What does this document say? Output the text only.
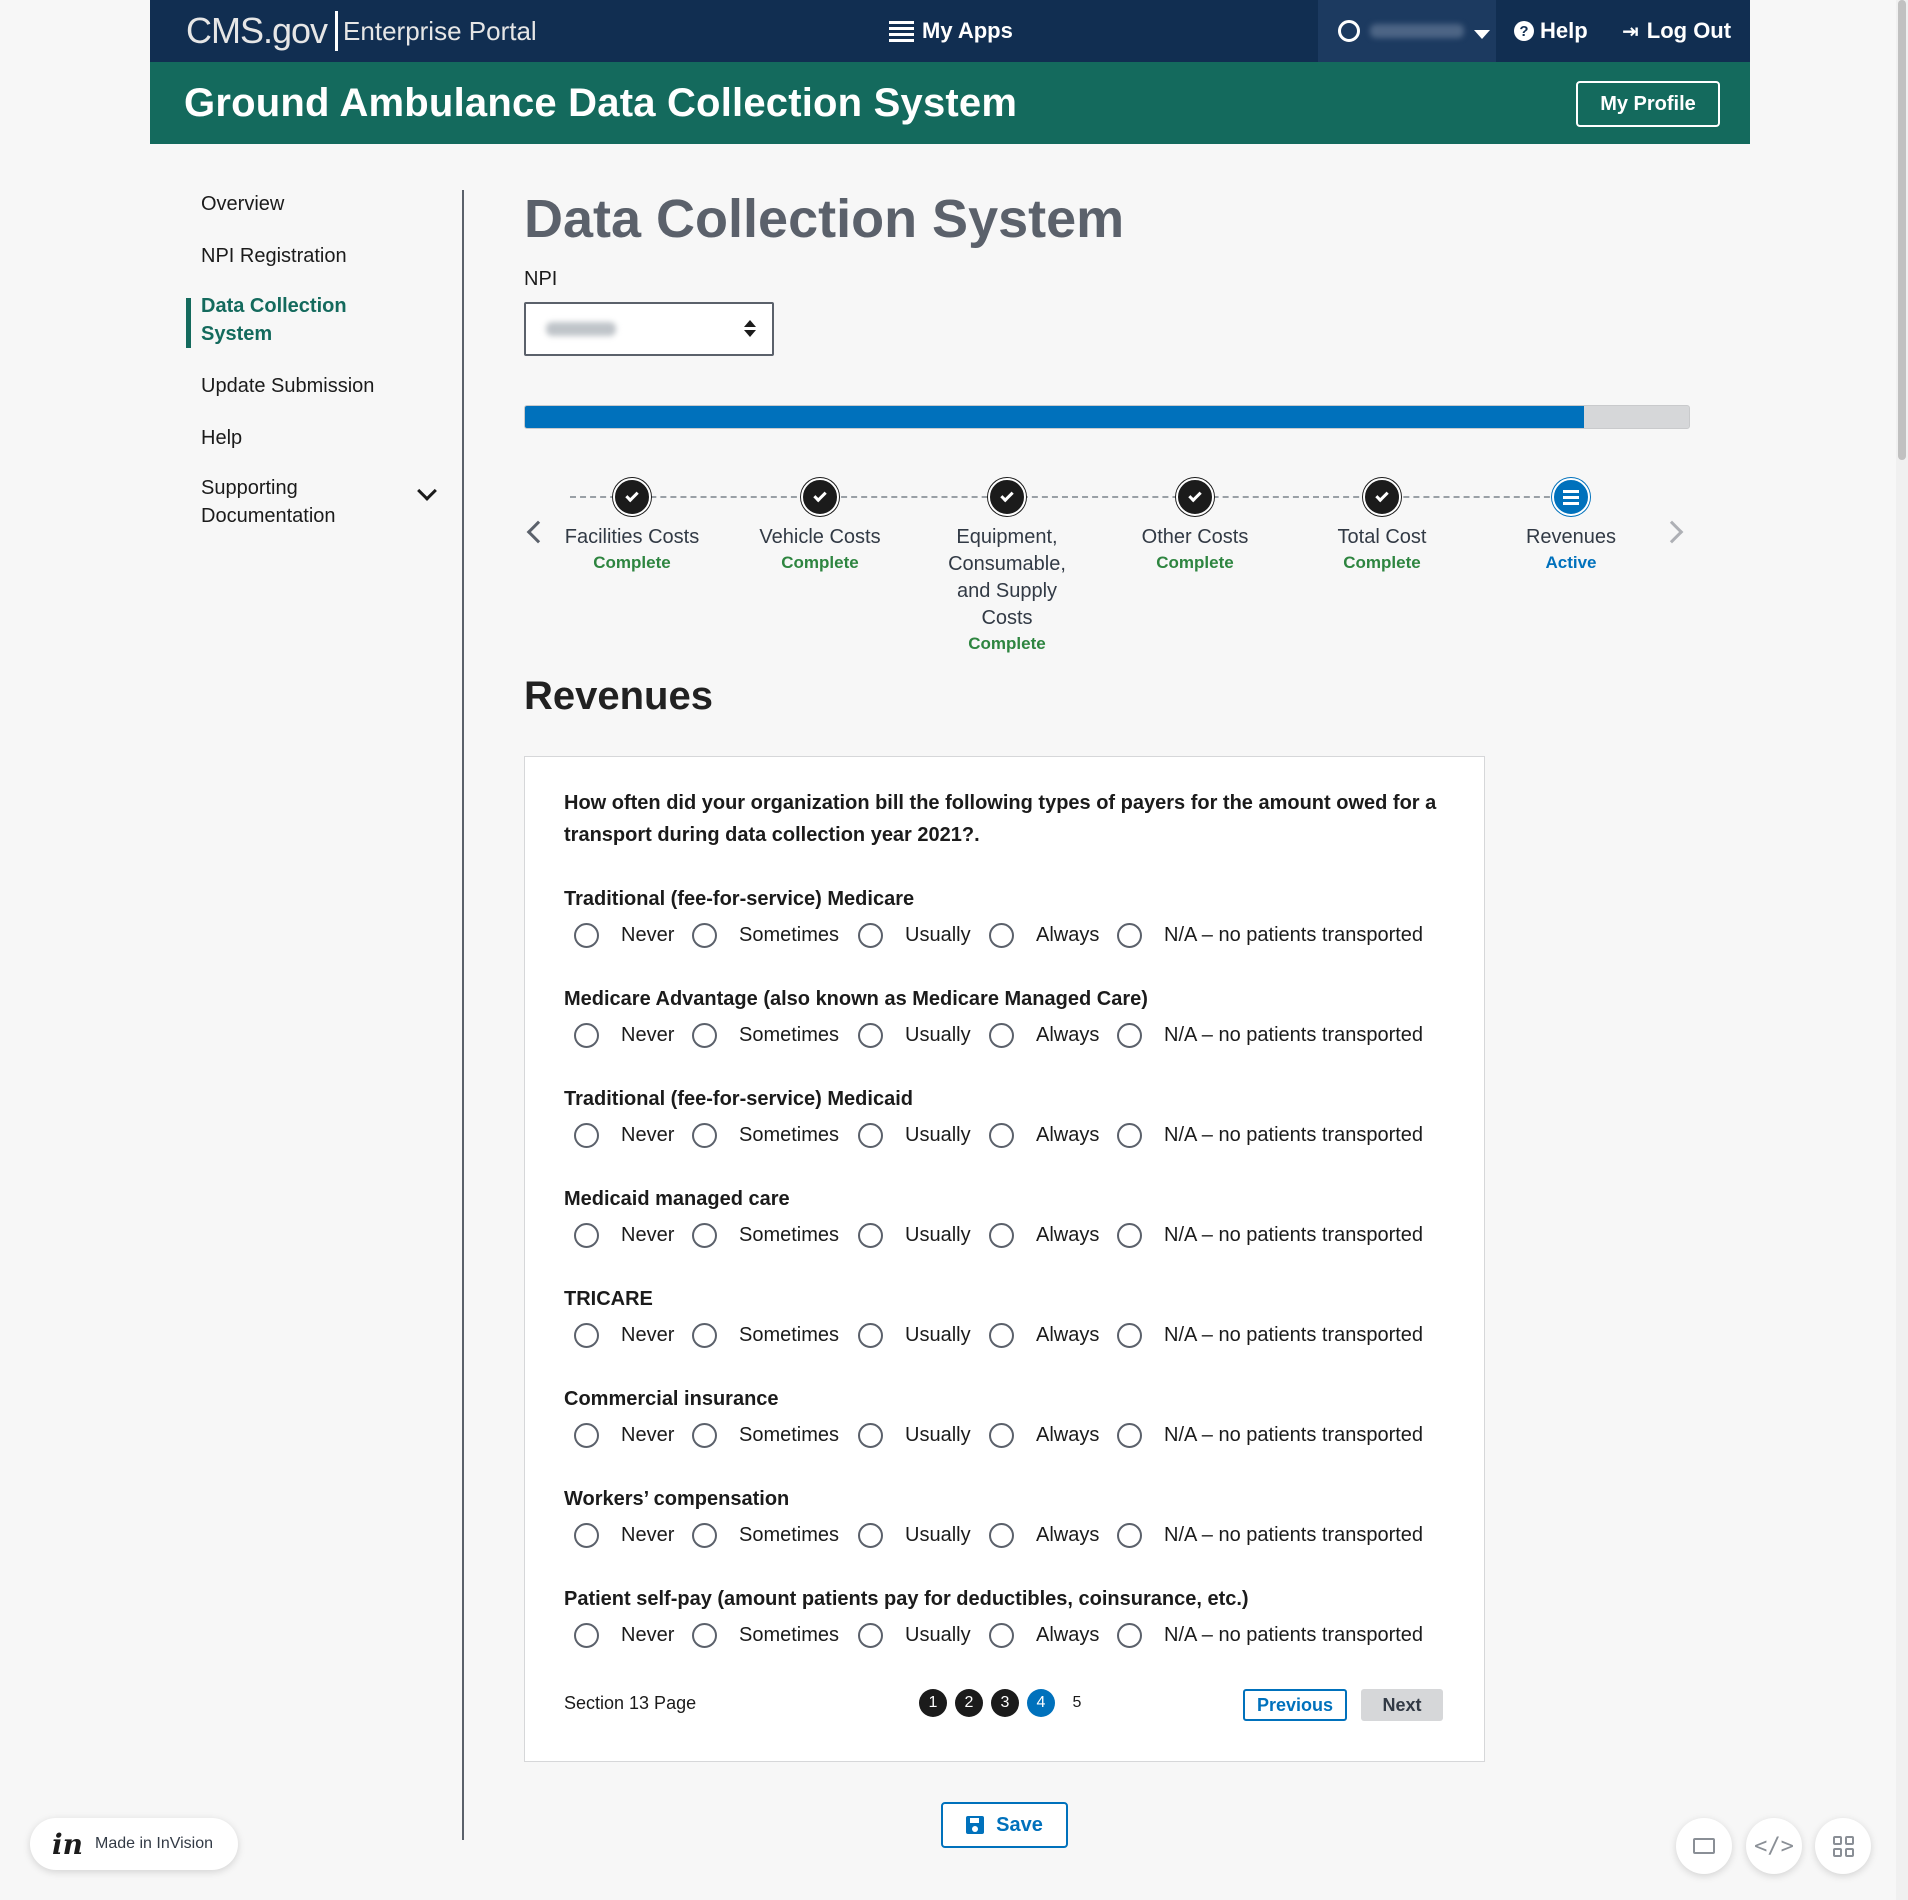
CMS.gov Enterprise Portal	My Apps	? Help ⇥ Log Out
Ground Ambulance Data Collection System	My Profile
Overview
NPI Registration
Data Collection System
Update Submission
Help
Supporting Documentation
Data Collection System
NPI
Facilities Costs
Complete
Vehicle Costs
Complete
Equipment, Consumable, and Supply Costs
Complete
Other Costs
Complete
Total Cost
Complete
Revenues
Active
Revenues
How often did your organization bill the following types of payers for the amount owed for a transport during data collection year 2021?.
Traditional (fee-for-service) Medicare
Never	Sometimes	Usually	Always	N/A – no patients transported
Medicare Advantage (also known as Medicare Managed Care)
Never	Sometimes	Usually	Always	N/A – no patients transported
Traditional (fee-for-service) Medicaid
Never	Sometimes	Usually	Always	N/A – no patients transported
Medicaid managed care
Never	Sometimes	Usually	Always	N/A – no patients transported
TRICARE
Never	Sometimes	Usually	Always	N/A – no patients transported
Commercial insurance
Never	Sometimes	Usually	Always	N/A – no patients transported
Workers’ compensation
Never	Sometimes	Usually	Always	N/A – no patients transported
Patient self-pay (amount patients pay for deductibles, coinsurance, etc.)
Never	Sometimes	Usually	Always	N/A – no patients transported
Section 13 Page	1	2	3	4	5	Previous	Next
Save
in Made in InVision	</>
